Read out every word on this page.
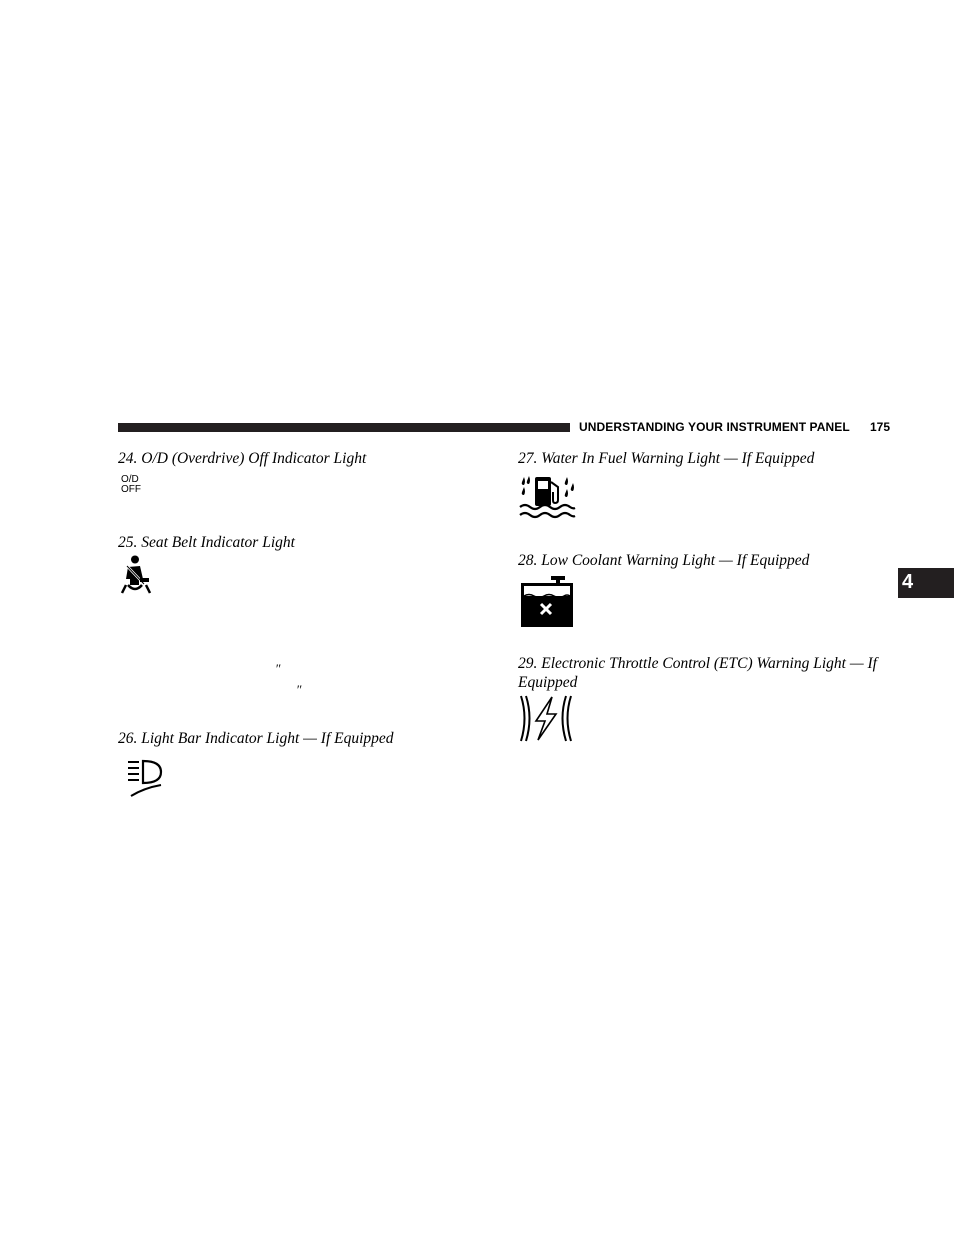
UNDERSTANDING YOUR INSTRUMENT PANEL 175
24. O/D (Overdrive) Off Indicator Light
O/D
OFF
25. Seat Belt Indicator Light
″
″
26. Light Bar Indicator Light — If Equipped
27. Water In Fuel Warning Light — If Equipped
28. Low Coolant Warning Light — If Equipped
29. Electronic Throttle Control (ETC) Warning Light — If Equipped
4
